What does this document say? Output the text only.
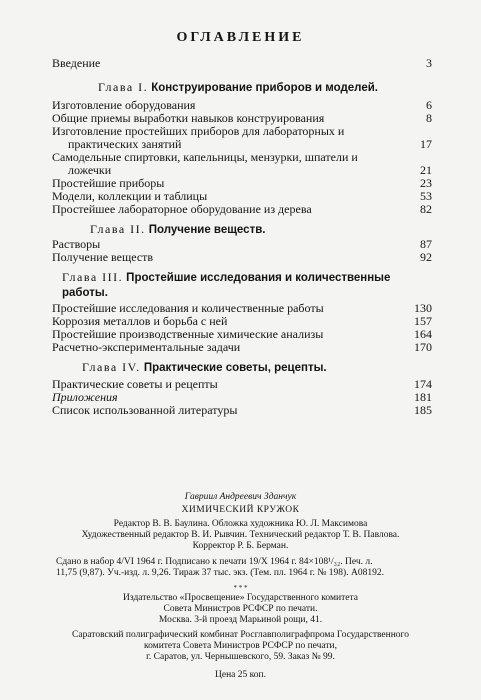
ОГЛАВЛЕНИЕ
Введение	3
Глава I. Конструирование приборов и моделей.
Изготовление оборудования	6
Общие приемы выработки навыков конструирования	8
Изготовление простейших приборов для лабораторных и
практических занятий	17
Самодельные спиртовки, капельницы, мензурки, шпатели и
ложечки	21
Простейшие приборы	23
Модели, коллекции и таблицы	53
Простейшее лабораторное оборудование из дерева	82
Глава II. Получение веществ.
Растворы	87
Получение веществ	92
Глава III. Простейшие исследования и количественные работы.
Простейшие исследования и количественные работы	130
Коррозия металлов и борьба с ней	157
Простейшие производственные химические анализы	164
Расчетно-экспериментальные задачи	170
Глава IV. Практические советы, рецепты.
Практические советы и рецепты	174
Приложения	181
Список использованной литературы	185
Гавриил Андреевич Зданчук
ХИМИЧЕСКИЙ КРУЖОК
Редактор В. В. Баулина. Обложка художника Ю. Л. Максимова
Художественный редактор В. И. Рывчин. Технический редактор Т. В. Павлова.
Корректор Р. Б. Берман.
Сдано в набор 4/VI 1964 г. Подписано к печати 19/X 1964 г. 84×108¹/₃₂. Печ. л.
11,75 (9,87). Уч.-изд. л. 9,26. Тираж 37 тыс. экз. (Тем. пл. 1964 г. № 198). А08192.
* * *
Издательство «Просвещение» Государственного комитета
Совета Министров РСФСР по печати.
Москва. 3-й проезд Марьиной рощи, 41.
Саратовский полиграфический комбинат Росглавполиграфпрома Государственного
комитета Совета Министров РСФСР по печати,
г. Саратов, ул. Чернышевского, 59. Заказ № 99.
Цена 25 коп.
